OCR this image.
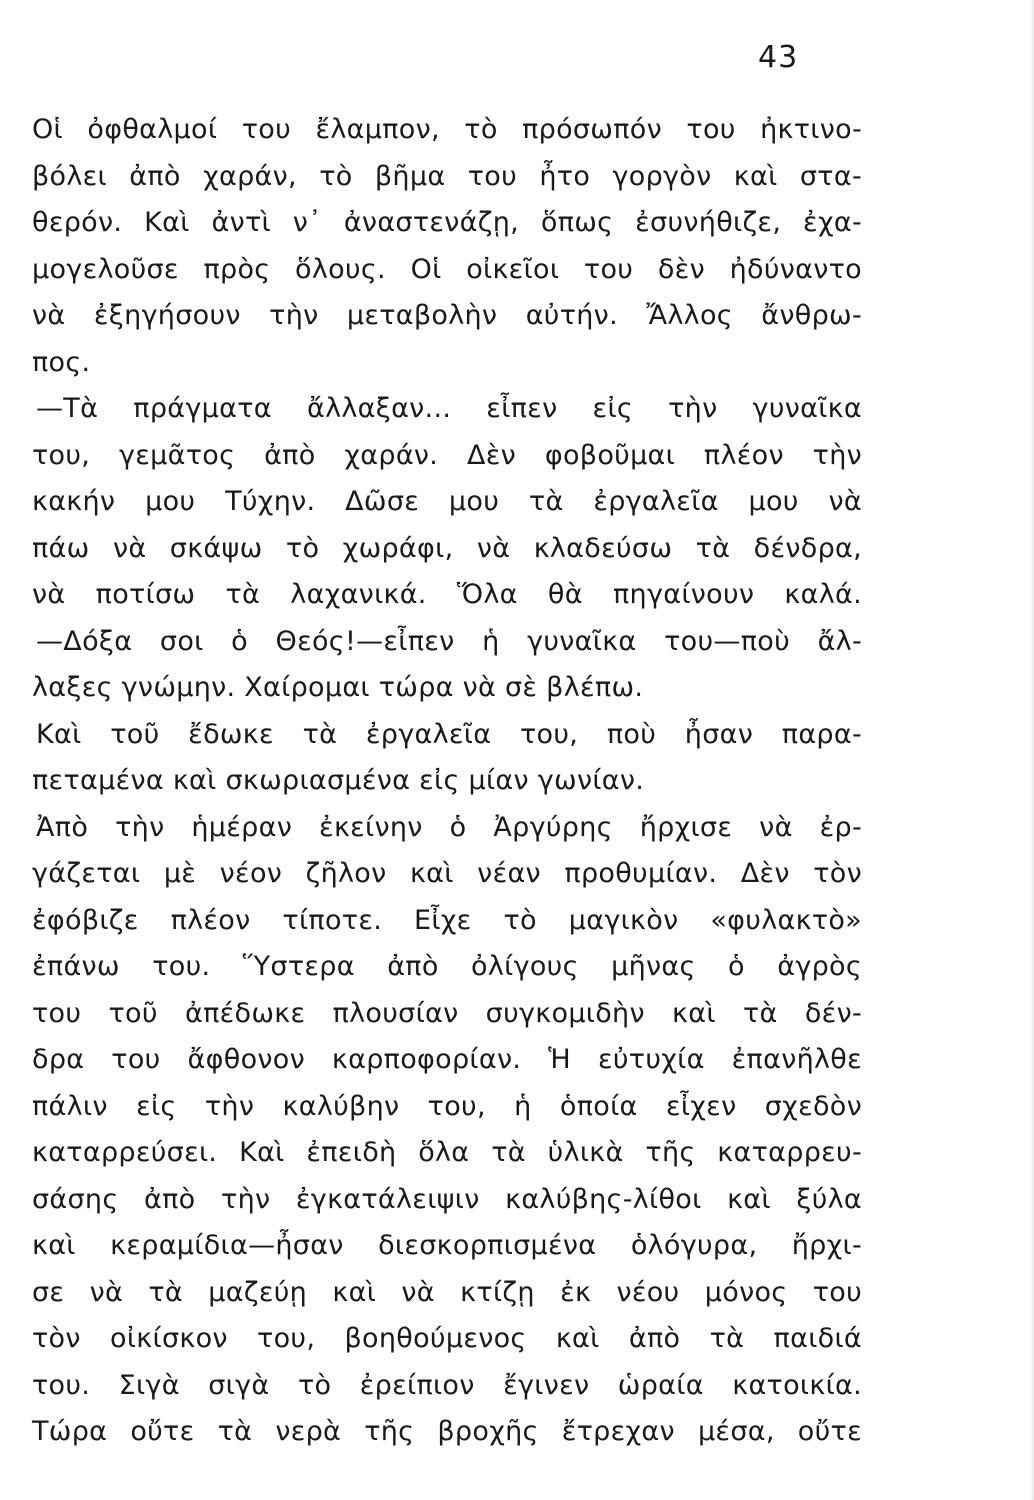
43
Οἱ ὀφθαλμοί του ἔλαμπον, τὸ πρόσωπόν του ἠκτινο-
βόλει ἀπὸ χαράν, τὸ βῆμα του ἦτο γοργὸν καὶ στα-
θερόν. Καὶ ἀντὶ ν᾽ ἀναστενάζῃ, ὅπως ἐσυνήθιζε, ἐχα-
μογελοῦσε πρὸς ὅλους. Οἱ οἰκεῖοι του δὲν ἠδύναντο
νὰ ἐξηγήσουν τὴν μεταβολὴν αὐτήν. Ἄλλος ἄνθρω-
πος.
—Τὰ πράγματα ἄλλαξαν... εἶπεν εἰς τὴν γυναῖκα
του, γεμᾶτος ἀπὸ χαράν. Δὲν φοβοῦμαι πλέον τὴν
κακήν μου Τύχην. Δῶσε μου τὰ ἐργαλεῖα μου νὰ
πάω νὰ σκάψω τὸ χωράφι, νὰ κλαδεύσω τὰ δένδρα,
νὰ ποτίσω τὰ λαχανικά. Ὅλα θὰ πηγαίνουν καλά.
—Δόξα σοι ὁ Θεός!—εἶπεν ἡ γυναῖκα του—ποὺ ἄλ-
λαξες γνώμην. Χαίρομαι τώρα νὰ σὲ βλέπω.
Καὶ τοῦ ἔδωκε τὰ ἐργαλεῖα του, ποὺ ἦσαν παρα-
πεταμένα καὶ σκωριασμένα εἰς μίαν γωνίαν.
Ἀπὸ τὴν ἡμέραν ἐκείνην ὁ Ἀργύρης ἤρχισε νὰ ἐρ-
γάζεται μὲ νέον ζῆλον καὶ νέαν προθυμίαν. Δὲν τὸν
ἐφόβιζε πλέον τίποτε. Εἶχε τὸ μαγικὸν «φυλακτὸ»
ἐπάνω του. Ὕστερα ἀπὸ ὀλίγους μῆνας ὁ ἀγρὸς
του τοῦ ἀπέδωκε πλουσίαν συγκομιδὴν καὶ τὰ δέν-
δρα του ἄφθονον καρποφορίαν. Ἡ εὐτυχία ἐπανῆλθε
πάλιν εἰς τὴν καλύβην του, ἡ ὁποία εἶχεν σχεδὸν
καταρρεύσει. Καὶ ἐπειδὴ ὅλα τὰ ὑλικὰ τῆς καταρρευ-
σάσης ἀπὸ τὴν ἐγκατάλειψιν καλύβης-λίθοι καὶ ξύλα
καὶ κεραμίδια—ἦσαν διεσκορπισμένα ὁλόγυρα, ἤρχι-
σε νὰ τὰ μαζεύῃ καὶ νὰ κτίζῃ ἐκ νέου μόνος του
τὸν οἰκίσκον του, βοηθούμενος καὶ ἀπὸ τὰ παιδιά
του. Σιγὰ σιγὰ τὸ ἐρείπιον ἔγινεν ὡραία κατοικία.
Τώρα οὔτε τὰ νερὰ τῆς βροχῆς ἔτρεχαν μέσα, οὔτε
